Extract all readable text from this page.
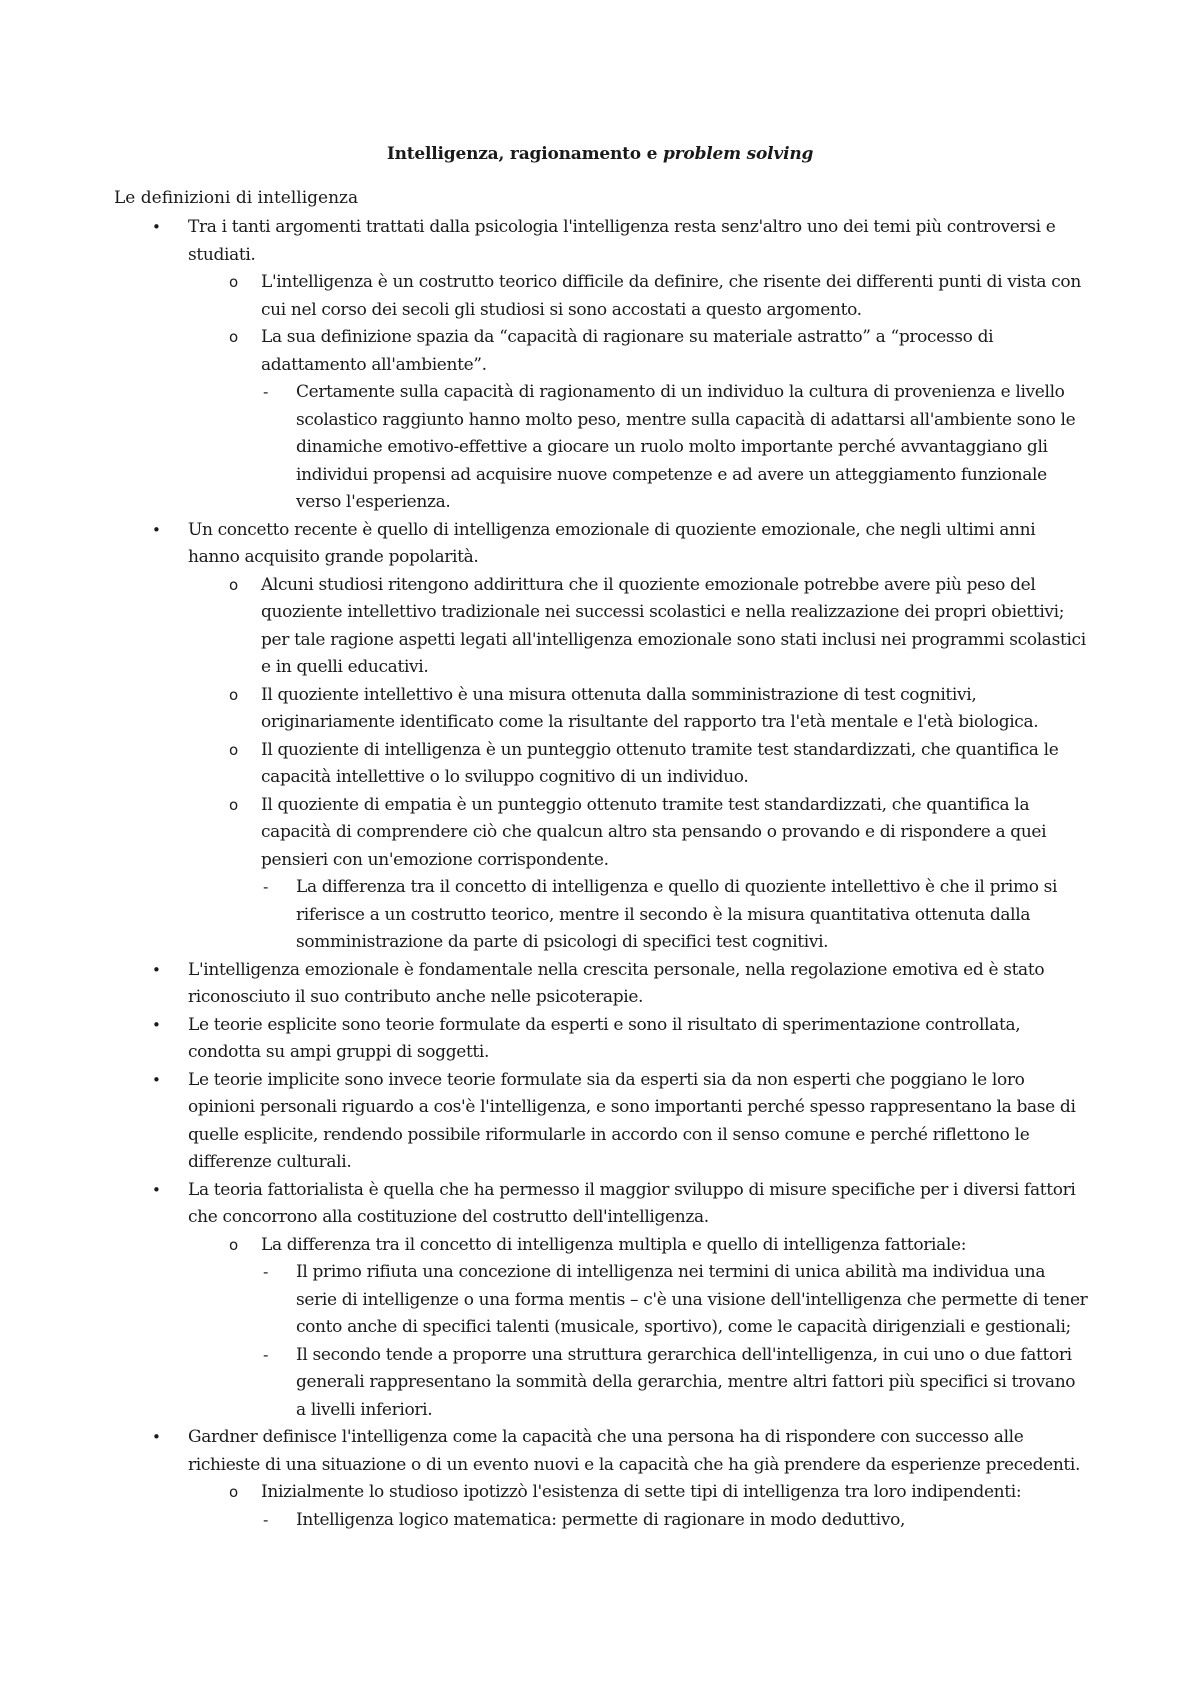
Intelligenza, ragionamento e problem solving
Le definizioni di intelligenza
• Tra i tanti argomenti trattati dalla psicologia l'intelligenza resta senz'altro uno dei temi più controversi e studiati.
o L'intelligenza è un costrutto teorico difficile da definire, che risente dei differenti punti di vista con cui nel corso dei secoli gli studiosi si sono accostati a questo argomento.
o La sua definizione spazia da “capacità di ragionare su materiale astratto” a “processo di adattamento all'ambiente”.
- Certamente sulla capacità di ragionamento di un individuo la cultura di provenienza e livello scolastico raggiunto hanno molto peso, mentre sulla capacità di adattarsi all'ambiente sono le dinamiche emotivo-effettive a giocare un ruolo molto importante perché avvantaggiano gli individui propensi ad acquisire nuove competenze e ad avere un atteggiamento funzionale verso l'esperienza.
• Un concetto recente è quello di intelligenza emozionale di quoziente emozionale, che negli ultimi anni hanno acquisito grande popolarità.
o Alcuni studiosi ritengono addirittura che il quoziente emozionale potrebbe avere più peso del quoziente intellettivo tradizionale nei successi scolastici e nella realizzazione dei propri obiettivi; per tale ragione aspetti legati all'intelligenza emozionale sono stati inclusi nei programmi scolastici e in quelli educativi.
o Il quoziente intellettivo è una misura ottenuta dalla somministrazione di test cognitivi, originariamente identificato come la risultante del rapporto tra l'età mentale e l'età biologica.
o Il quoziente di intelligenza è un punteggio ottenuto tramite test standardizzati, che quantifica le capacità intellettive o lo sviluppo cognitivo di un individuo.
o Il quoziente di empatia è un punteggio ottenuto tramite test standardizzati, che quantifica la capacità di comprendere ciò che qualcun altro sta pensando o provando e di rispondere a quei pensieri con un'emozione corrispondente.
- La differenza tra il concetto di intelligenza e quello di quoziente intellettivo è che il primo si riferisce a un costrutto teorico, mentre il secondo è la misura quantitativa ottenuta dalla somministrazione da parte di psicologi di specifici test cognitivi.
• L'intelligenza emozionale è fondamentale nella crescita personale, nella regolazione emotiva ed è stato riconosciuto il suo contributo anche nelle psicoterapie.
• Le teorie esplicite sono teorie formulate da esperti e sono il risultato di sperimentazione controllata, condotta su ampi gruppi di soggetti.
• Le teorie implicite sono invece teorie formulate sia da esperti sia da non esperti che poggiano le loro opinioni personali riguardo a cos'è l'intelligenza, e sono importanti perché spesso rappresentano la base di quelle esplicite, rendendo possibile riformularle in accordo con il senso comune e perché riflettono le differenze culturali.
• La teoria fattorialista è quella che ha permesso il maggior sviluppo di misure specifiche per i diversi fattori che concorrono alla costituzione del costrutto dell'intelligenza.
o La differenza tra il concetto di intelligenza multipla e quello di intelligenza fattoriale:
- Il primo rifiuta una concezione di intelligenza nei termini di unica abilità ma individua una serie di intelligenze o una forma mentis – c'è una visione dell'intelligenza che permette di tener conto anche di specifici talenti (musicale, sportivo), come le capacità dirigenziali e gestionali;
- Il secondo tende a proporre una struttura gerarchica dell'intelligenza, in cui uno o due fattori generali rappresentano la sommità della gerarchia, mentre altri fattori più specifici si trovano a livelli inferiori.
• Gardner definisce l'intelligenza come la capacità che una persona ha di rispondere con successo alle richieste di una situazione o di un evento nuovi e la capacità che ha già prendere da esperienze precedenti.
o Inizialmente lo studioso ipotizzò l'esistenza di sette tipi di intelligenza tra loro indipendenti:
- Intelligenza logico matematica: permette di ragionare in modo deduttivo,
